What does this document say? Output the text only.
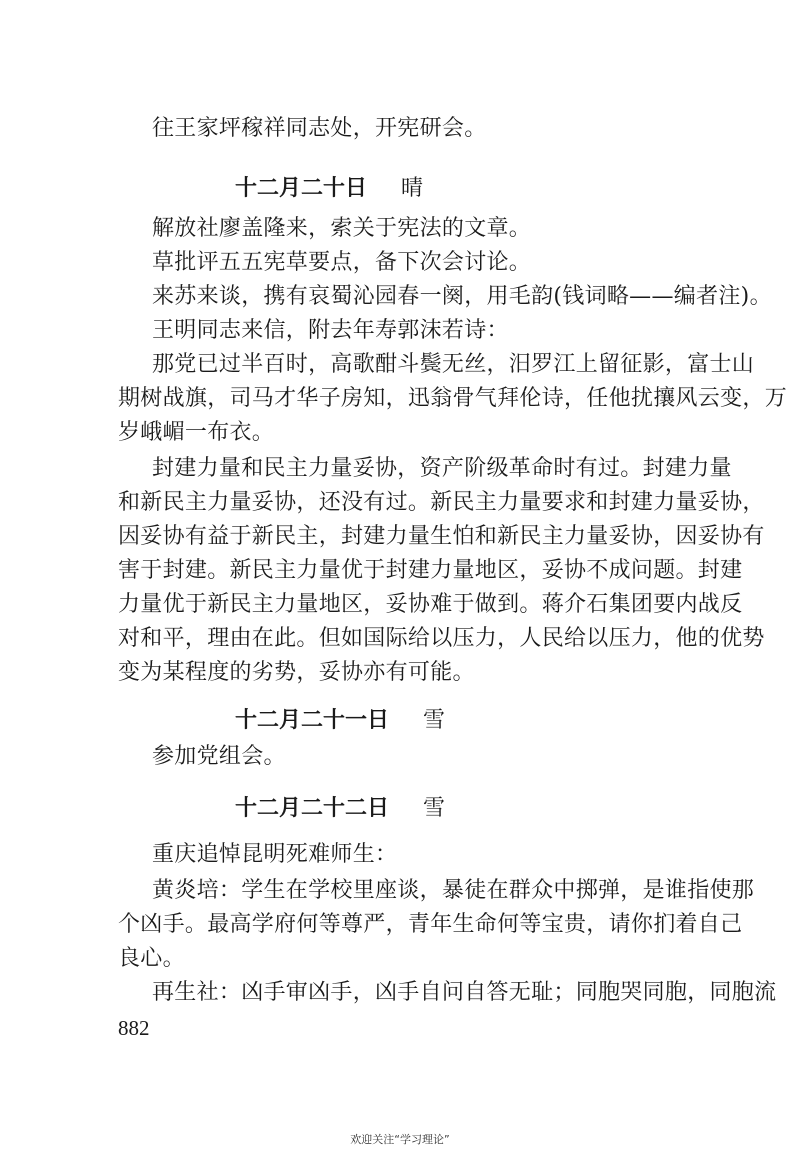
往王家坪稼祥同志处，开宪研会。
十二月二十日 晴
解放社廖盖隆来，索关于宪法的文章。
草批评五五宪草要点，备下次会讨论。
来苏来谈，携有哀蜀沁园春一阕，用毛韵(钱词略——编者注)。
王明同志来信，附去年寿郭沫若诗：
那党已过半百时，高歌酣斗鬓无丝，汨罗江上留征影，富士山
期树战旗，司马才华子房知，迅翁骨气拜伦诗，任他扰攘风云变，万
岁峨嵋一布衣。
封建力量和民主力量妥协，资产阶级革命时有过。封建力量
和新民主力量妥协，还没有过。新民主力量要求和封建力量妥协，
因妥协有益于新民主，封建力量生怕和新民主力量妥协，因妥协有
害于封建。新民主力量优于封建力量地区，妥协不成问题。封建
力量优于新民主力量地区，妥协难于做到。蒋介石集团要内战反
对和平，理由在此。但如国际给以压力，人民给以压力，他的优势
变为某程度的劣势，妥协亦有可能。
十二月二十一日 雪
参加党组会。
十二月二十二日 雪
重庆追悼昆明死难师生：
黄炎培：学生在学校里座谈，暴徒在群众中掷弹，是谁指使那
个凶手。最高学府何等尊严，青年生命何等宝贵，请你扪着自己
良心。
再生社：凶手审凶手，凶手自问自答无耻；同胞哭同胞，同胞流
882
欢迎关注“学习理论”
